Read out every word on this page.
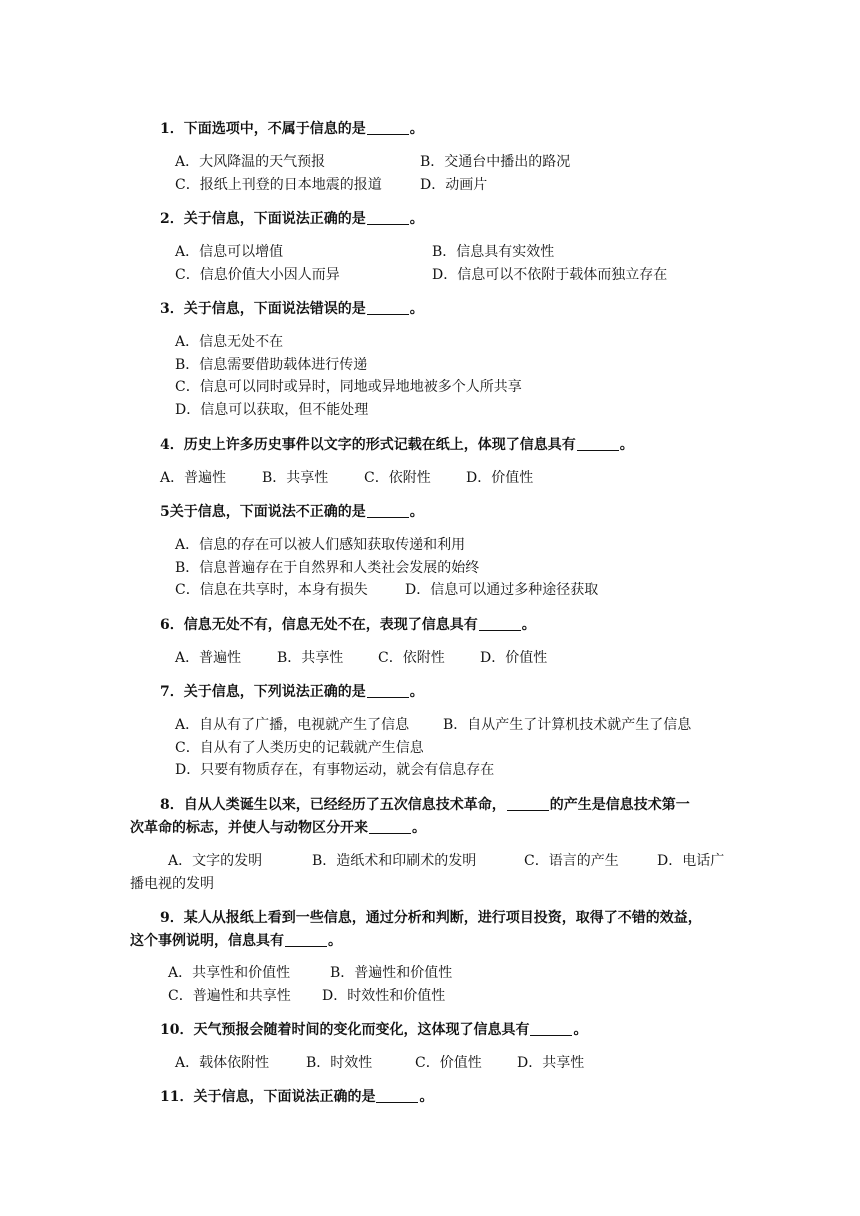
1．下面选项中，不属于信息的是	。
A．大风降温的天气预报	B．交通台中播出的路况
C．报纸上刊登的日本地震的报道	D．动画片
2．关于信息，下面说法正确的是	。
A．信息可以增值	B．信息具有实效性
C．信息价值大小因人而异	D．信息可以不依附于载体而独立存在
3．关于信息，下面说法错误的是	。
A．信息无处不在
B．信息需要借助载体进行传递
C．信息可以同时或异时，同地或异地地被多个人所共享
D．信息可以获取，但不能处理
4．历史上许多历史事件以文字的形式记载在纸上，体现了信息具有	。
A．普遍性	B．共享性	C．依附性	D．价值性
5关于信息，下面说法不正确的是	。
A．信息的存在可以被人们感知获取传递和利用
B．信息普遍存在于自然界和人类社会发展的始终
C．信息在共享时，本身有损失	D．信息可以通过多种途径获取
6．信息无处不有，信息无处不在，表现了信息具有	。
A．普遍性	B．共享性 C．依附性	D．价值性
7．关于信息，下列说法正确的是	。
A．自从有了广播，电视就产生了信息 B．自从产生了计算机技术就产生了信息
C．自从有了人类历史的记载就产生信息
D．只要有物质存在，有事物运动，就会有信息存在
8．自从人类诞生以来，已经经历了五次信息技术革命，	的产生是信息技术第一
次革命的标志，并使人与动物区分开来	。
A．文字的发明	B．造纸术和印刷术的发明	C．语言的产生	D．电话广
播电视的发明
9．某人从报纸上看到一些信息，通过分析和判断，进行项目投资，取得了不错的效益，
这个事例说明，信息具有	。
A．共享性和价值性	B．普遍性和价值性
C．普遍性和共享性 D．时效性和价值性
10．天气预报会随着时间的变化而变化，这体现了信息具有	。
A．载体依附性	B．时效性	C．价值性	D．共享性
11．关于信息，下面说法正确的是	。
